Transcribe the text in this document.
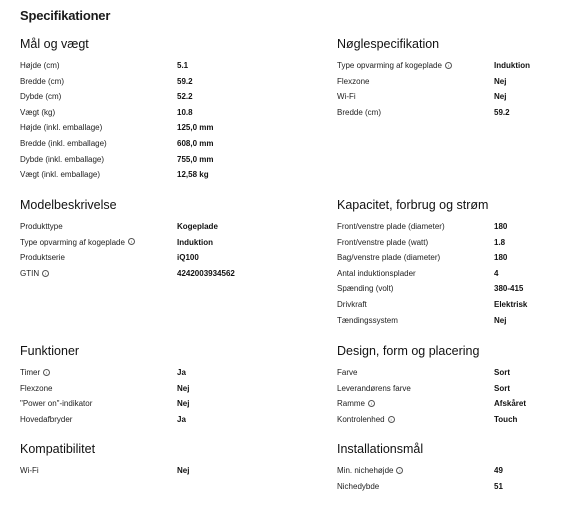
Specifikationer
Mål og vægt
Højde (cm)	5.1
Bredde (cm)	59.2
Dybde (cm)	52.2
Vægt (kg)	10.8
Højde (inkl. emballage)	125,0 mm
Bredde (inkl. emballage)	608,0 mm
Dybde (inkl. emballage)	755,0 mm
Vægt (inkl. emballage)	12,58 kg
Nøglespecifikation
Type opvarming af kogeplade	i	Induktion
Flexzone	Nej
Wi-Fi	Nej
Bredde (cm)	59.2
Modelbeskrivelse
Produkttype	Kogeplade
Type opvarming af kogeplade	i	Induktion
Produktserie	iQ100
GTIN	i	4242003934562
Kapacitet, forbrug og strøm
Front/venstre plade (diameter)	180
Front/venstre plade (watt)	1.8
Bag/venstre plade (diameter)	180
Antal induktionsplader	4
Spænding (volt)	380-415
Drivkraft	Elektrisk
Tændingssystem	Nej
Funktioner
Timer	i	Ja
Flexzone	Nej
"Power on"-indikator	Nej
Hovedafbryder	Ja
Design, form og placering
Farve	Sort
Leverandørens farve	Sort
Ramme	i	Afskåret
Kontrolenhed	i	Touch
Kompatibilitet
Wi-Fi	Nej
Installationsmål
Min. nichehøjde	i	49
Nichedybde	51
